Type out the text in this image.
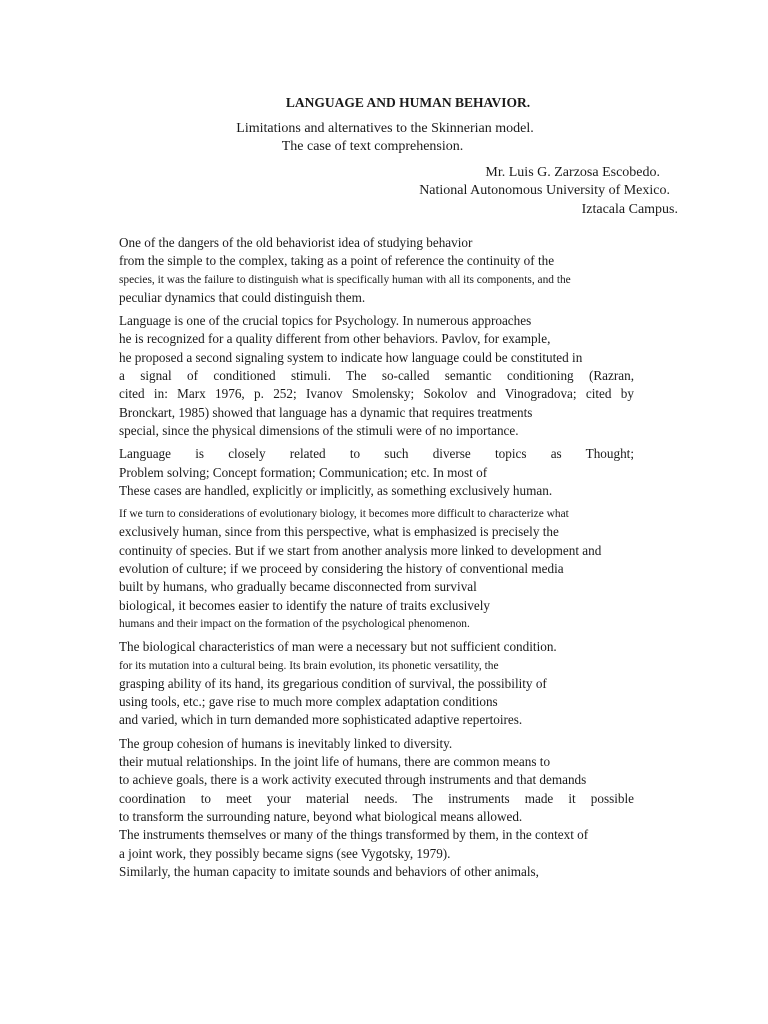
LANGUAGE AND HUMAN BEHAVIOR.

Limitations and alternatives to the Skinnerian model.

The case of text comprehension.

Mr. Luis G. Zarzosa Escobedo.

National Autonomous University of Mexico.

Iztacala Campus.

One of the dangers of the old behaviorist idea of studying behavior
from the simple to the complex, taking as a point of reference the continuity of the
species, it was the failure to distinguish what is specifically human with all its components, and the
peculiar dynamics that could distinguish them.
Language is one of the crucial topics for Psychology. In numerous approaches
he is recognized for a quality different from other behaviors. Pavlov, for example,
he proposed a second signaling system to indicate how language could be constituted in
a signal of conditioned stimuli. The so-called semantic conditioning (Razran,
cited in: Marx 1976, p. 252; Ivanov Smolensky; Sokolov and Vinogradova; cited by
Bronckart, 1985) showed that language has a dynamic that requires treatments
special, since the physical dimensions of the stimuli were of no importance.
Language is closely related to such diverse topics as Thought;
Problem solving; Concept formation; Communication; etc. In most of
These cases are handled, explicitly or implicitly, as something exclusively human.
If we turn to considerations of evolutionary biology, it becomes more difficult to characterize what
exclusively human, since from this perspective, what is emphasized is precisely the
continuity of species. But if we start from another analysis more linked to development and
evolution of culture; if we proceed by considering the history of conventional media
built by humans, who gradually became disconnected from survival
biological, it becomes easier to identify the nature of traits exclusively
humans and their impact on the formation of the psychological phenomenon.
The biological characteristics of man were a necessary but not sufficient condition.
for its mutation into a cultural being. Its brain evolution, its phonetic versatility, the
grasping ability of its hand, its gregarious condition of survival, the possibility of
using tools, etc.; gave rise to much more complex adaptation conditions
and varied, which in turn demanded more sophisticated adaptive repertoires.
The group cohesion of humans is inevitably linked to diversity.
their mutual relationships. In the joint life of humans, there are common means to
to achieve goals, there is a work activity executed through instruments and that demands
coordination to meet your material needs. The instruments made it possible
to transform the surrounding nature, beyond what biological means allowed.
The instruments themselves or many of the things transformed by them, in the context of
a joint work, they possibly became signs (see Vygotsky, 1979).
Similarly, the human capacity to imitate sounds and behaviors of other animals,
